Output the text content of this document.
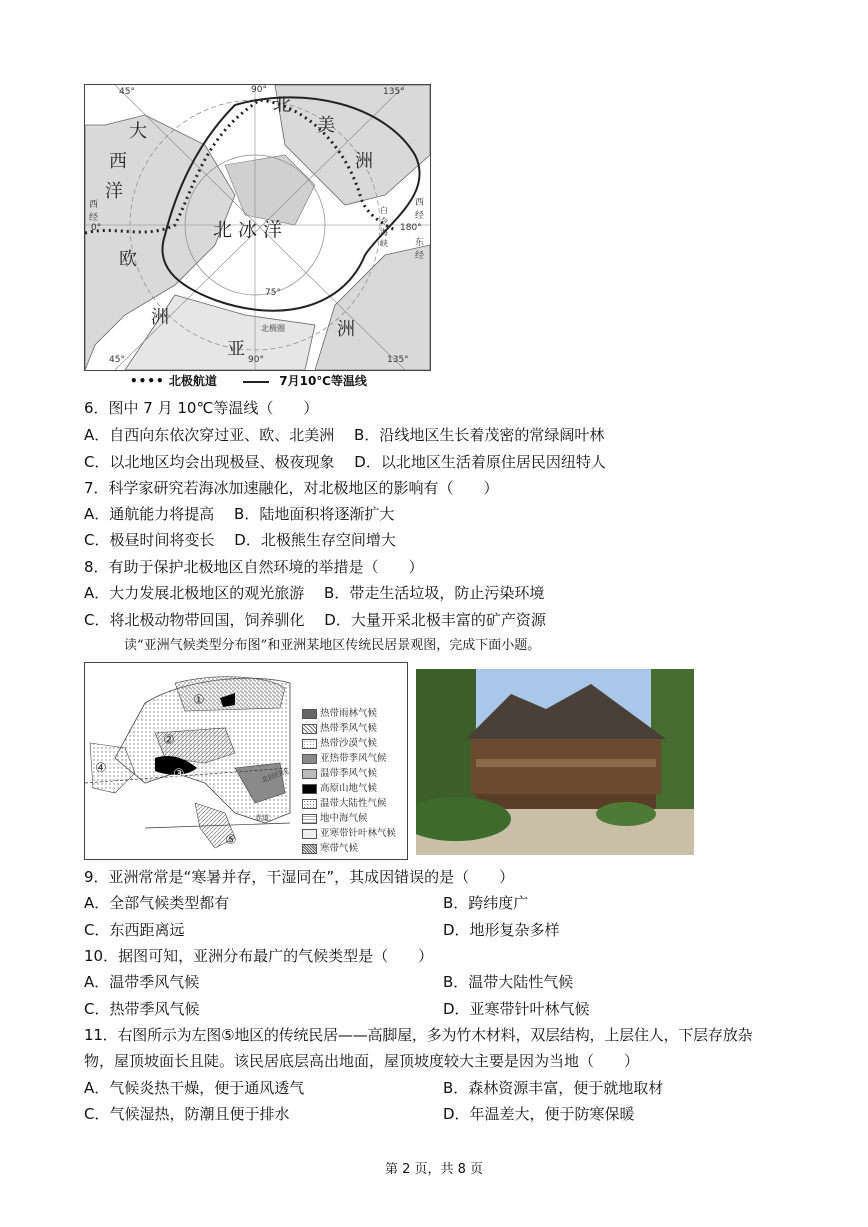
45°	90°	135°
45°	90°	135°
180°
0°
75°
西经
东经
西经
白令海峡
北极圈
大
西
洋
北
美
洲
北冰洋
亚
洲
欧
洲
•••• 北极航道	7月10℃等温线
6．图中 7 月 10℃等温线（　　）
A．自西向东依次穿过亚、欧、北美洲　 B．沿线地区生长着茂密的常绿阔叶林
C．以北地区均会出现极昼、极夜现象　 D．以北地区生活着原住居民因纽特人
7．科学家研究若海冰加速融化，对北极地区的影响有（　　）
A．通航能力将提高　 B．陆地面积将逐渐扩大
C．极昼时间将变长　 D．北极熊生存空间增大
8．有助于保护北极地区自然环境的举措是（　　）
A．大力发展北极地区的观光旅游　 B．带走生活垃圾，防止污染环境
C．将北极动物带回国，饲养驯化　 D．大量开采北极丰富的矿产资源
读“亚洲气候类型分布图”和亚洲某地区传统民居景观图，完成下面小题。
①
②
③
④
⑤
北回归线
赤道
热带雨林气候
热带季风气候
热带沙漠气候
亚热带季风气候
温带季风气候
高原山地气候
温带大陆性气候
地中海气候
亚寒带针叶林气候
寒带气候
9．亚洲常常是“寒暑并存，干湿同在”，其成因错误的是（　　）
A．全部气候类型都有	B．跨纬度广
C．东西距离远	D．地形复杂多样
10．据图可知，亚洲分布最广的气候类型是（　　）
A．温带季风气候	B．温带大陆性气候
C．热带季风气候	D．亚寒带针叶林气候
11．右图所示为左图⑤地区的传统民居——高脚屋，多为竹木材料，双层结构，上层住人，下层存放杂
物，屋顶坡面长且陡。该民居底层高出地面，屋顶坡度较大主要是因为当地（　　）
A．气候炎热干燥，便于通风透气	B．森林资源丰富，便于就地取材
C．气候湿热，防潮且便于排水	D．年温差大，便于防寒保暖
第 2 页，共 8 页
